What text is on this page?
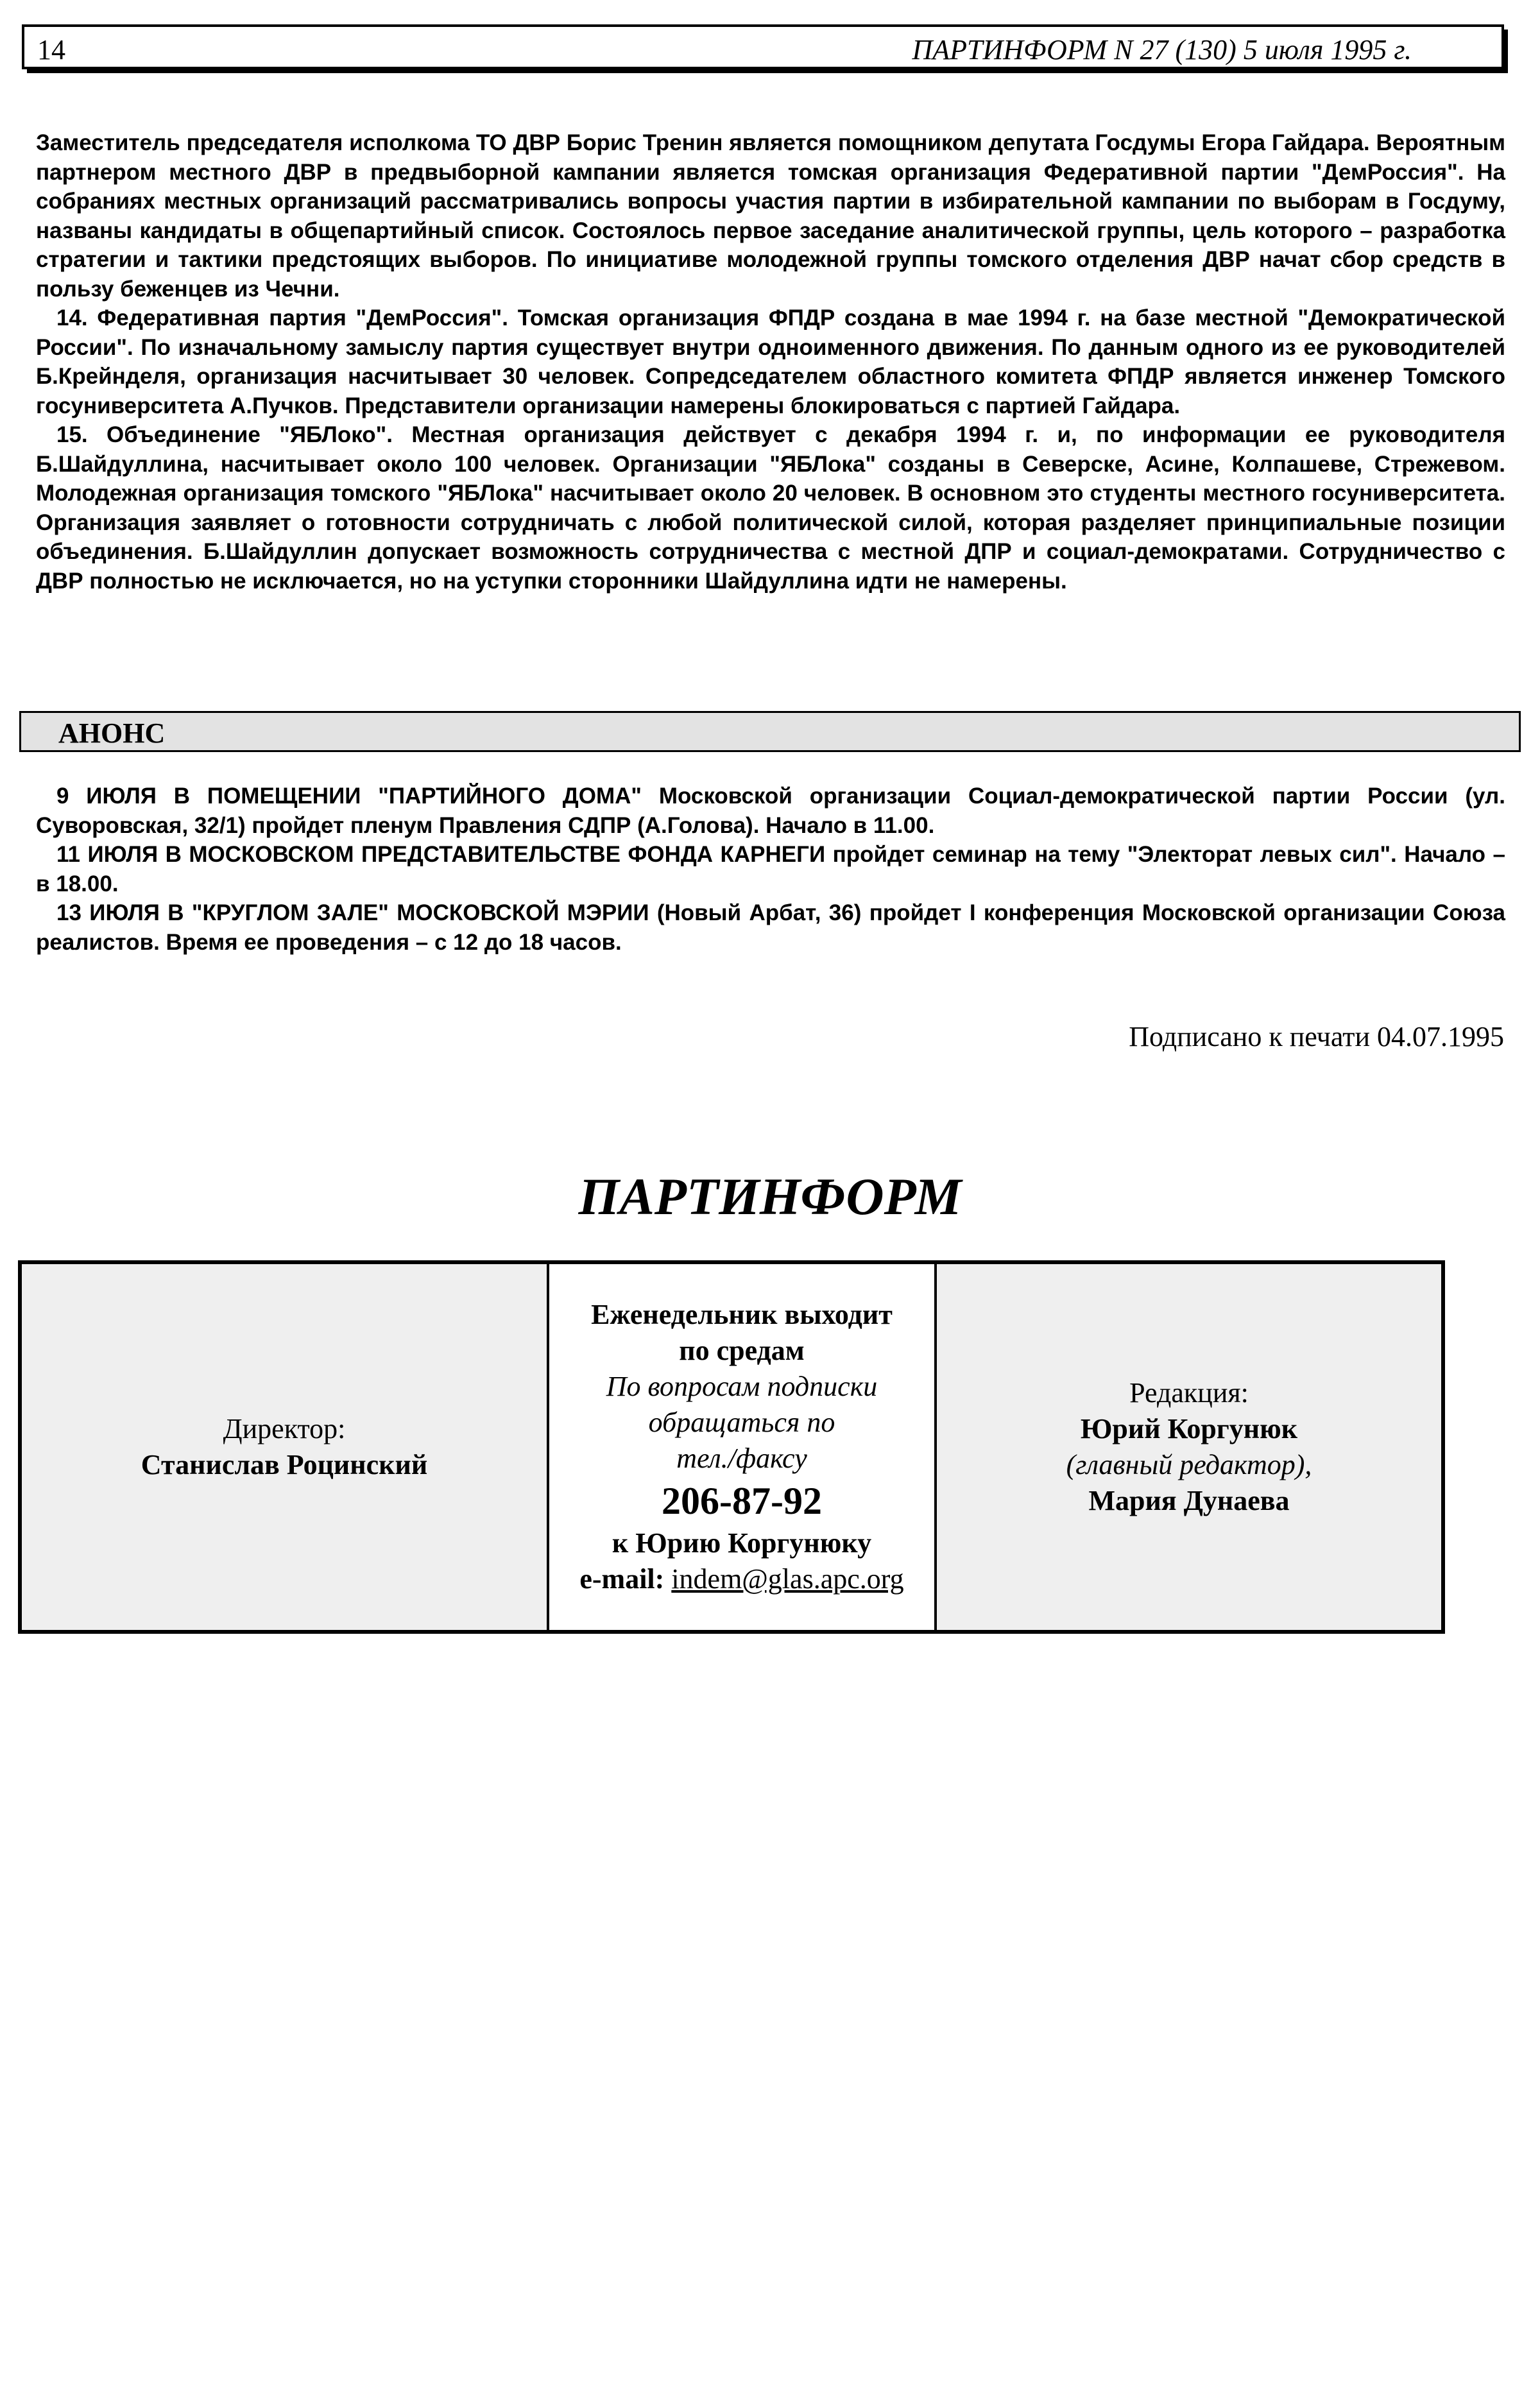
14	ПАРТИНФОРМ N 27 (130) 5 июля 1995 г.

Заместитель председателя исполкома ТО ДВР Борис Тренин является помощником депутата Госдумы Егора Гайдара. Вероятным партнером местного ДВР в предвыборной кампании является томская организация Федеративной партии "ДемРоссия". На собраниях местных организаций рассматривались вопросы участия партии в избирательной кампании по выборам в Госдуму, названы кандидаты в общепартийный список. Состоялось первое заседание аналитической группы, цель которого – разработка стратегии и тактики предстоящих выборов. По инициативе молодежной группы томского отделения ДВР начат сбор средств в пользу беженцев из Чечни.

14. Федеративная партия "ДемРоссия". Томская организация ФПДР создана в мае 1994 г. на базе местной "Демократической России". По изначальному замыслу партия существует внутри одноименного движения. По данным одного из ее руководителей Б.Крейнделя, организация насчитывает 30 человек. Сопредседателем областного комитета ФПДР является инженер Томского госуниверситета А.Пучков. Представители организации намерены блокироваться с партией Гайдара.

15. Объединение "ЯБЛоко". Местная организация действует с декабря 1994 г. и, по информации ее руководителя Б.Шайдуллина, насчитывает около 100 человек. Организации "ЯБЛока" созданы в Северске, Асине, Колпашеве, Стрежевом. Молодежная организация томского "ЯБЛока" насчитывает около 20 человек. В основном это студенты местного госуниверситета. Организация заявляет о готовности сотрудничать с любой политической силой, которая разделяет принципиальные позиции объединения. Б.Шайдуллин допускает возможность сотрудничества с местной ДПР и социал-демократами. Сотрудничество с ДВР полностью не исключается, но на уступки сторонники Шайдуллина идти не намерены.

АНОНС

9 ИЮЛЯ В ПОМЕЩЕНИИ "ПАРТИЙНОГО ДОМА" Московской организации Социал-демократической партии России (ул. Суворовская, 32/1) пройдет пленум Правления СДПР (А.Голова). Начало в 11.00.

11 ИЮЛЯ В МОСКОВСКОМ ПРЕДСТАВИТЕЛЬСТВЕ ФОНДА КАРНЕГИ пройдет семинар на тему "Электорат левых сил". Начало – в 18.00.

13 ИЮЛЯ В "КРУГЛОМ ЗАЛЕ" МОСКОВСКОЙ МЭРИИ (Новый Арбат, 36) пройдет I конференция Московской организации Союза реалистов. Время ее проведения – с 12 до 18 часов.

Подписано к печати 04.07.1995
ПАРТИНФОРМ
Директор:
Станислав Роцинский
Еженедельник выходит
по средам
По вопросам подписки
обращаться по
тел./факсу
206-87-92
к Юрию Коргунюку
e-mail: indem@glas.apc.org
Редакция:
Юрий Коргунюк
(главный редактор),
Мария Дунаева
